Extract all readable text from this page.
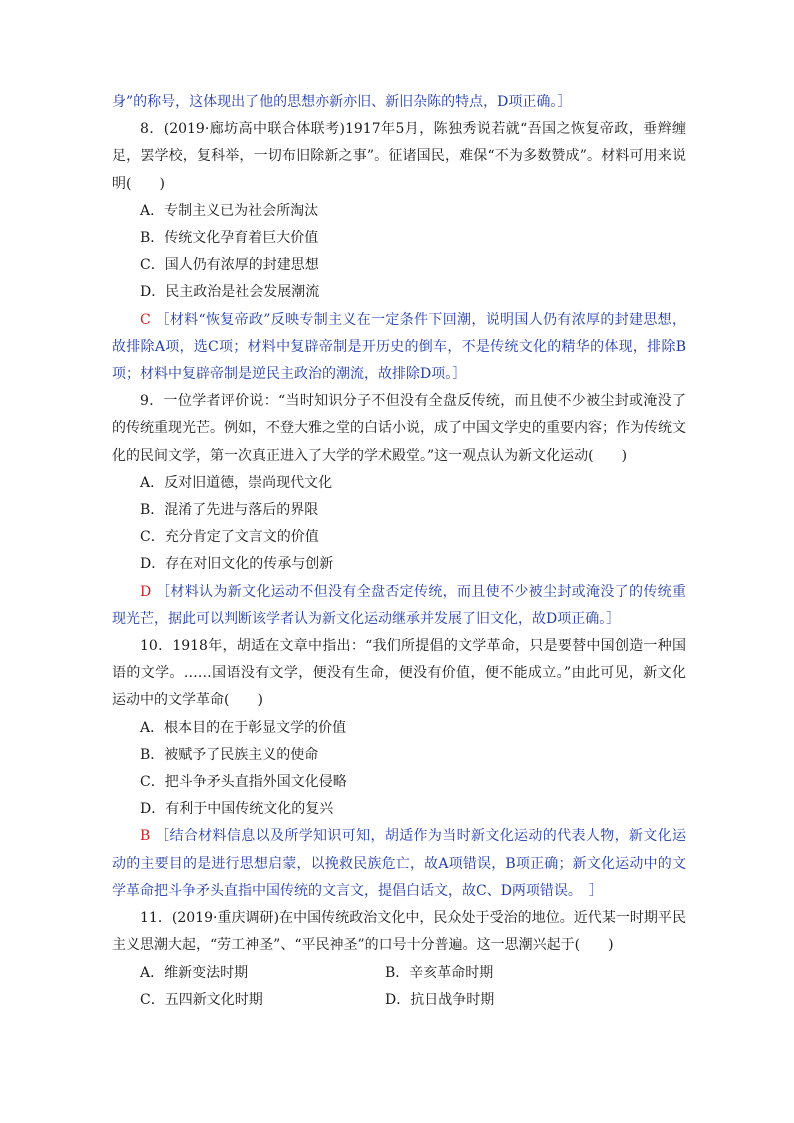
身”的称号，这体现出了他的思想亦新亦旧、新旧杂陈的特点，D项正确。］

8．(2019·廊坊高中联合体联考)1917年5月，陈独秀说若就“吾国之恢复帝政，垂辫缠足，罢学校，复科举，一切布旧除新之事”。征诸国民，难保“不为多数赞成”。材料可用来说明(　　)

A．专制主义已为社会所淘汰

B．传统文化孕育着巨大价值

C．国人仍有浓厚的封建思想

D．民主政治是社会发展潮流

C ［材料“恢复帝政”反映专制主义在一定条件下回潮，说明国人仍有浓厚的封建思想，故排除A项，选C项；材料中复辟帝制是开历史的倒车，不是传统文化的精华的体现，排除B项；材料中复辟帝制是逆民主政治的潮流，故排除D项。］

9．一位学者评价说：“当时知识分子不但没有全盘反传统，而且使不少被尘封或淹没了的传统重现光芒。例如，不登大雅之堂的白话小说，成了中国文学史的重要内容；作为传统文化的民间文学，第一次真正进入了大学的学术殿堂。”这一观点认为新文化运动(　　)

A．反对旧道德，崇尚现代文化

B．混淆了先进与落后的界限

C．充分肯定了文言文的价值

D．存在对旧文化的传承与创新

D ［材料认为新文化运动不但没有全盘否定传统，而且使不少被尘封或淹没了的传统重现光芒，据此可以判断该学者认为新文化运动继承并发展了旧文化，故D项正确。］

10．1918年，胡适在文章中指出：“我们所提倡的文学革命，只是要替中国创造一种国语的文学。……国语没有文学，便没有生命，便没有价值，便不能成立。”由此可见，新文化运动中的文学革命(　　)

A．根本目的在于彰显文学的价值

B．被赋予了民族主义的使命

C．把斗争矛头直指外国文化侵略

D．有利于中国传统文化的复兴

B ［结合材料信息以及所学知识可知，胡适作为当时新文化运动的代表人物，新文化运动的主要目的是进行思想启蒙，以挽救民族危亡，故A项错误，B项正确；新文化运动中的文学革命把斗争矛头直指中国传统的文言文，提倡白话文，故C、D两项错误。　］

11．(2019·重庆调研)在中国传统政治文化中，民众处于受治的地位。近代某一时期平民主义思潮大起，“劳工神圣”、“平民神圣”的口号十分普遍。这一思潮兴起于(　　)

A．维新变法时期	B．辛亥革命时期
C．五四新文化时期	D．抗日战争时期
